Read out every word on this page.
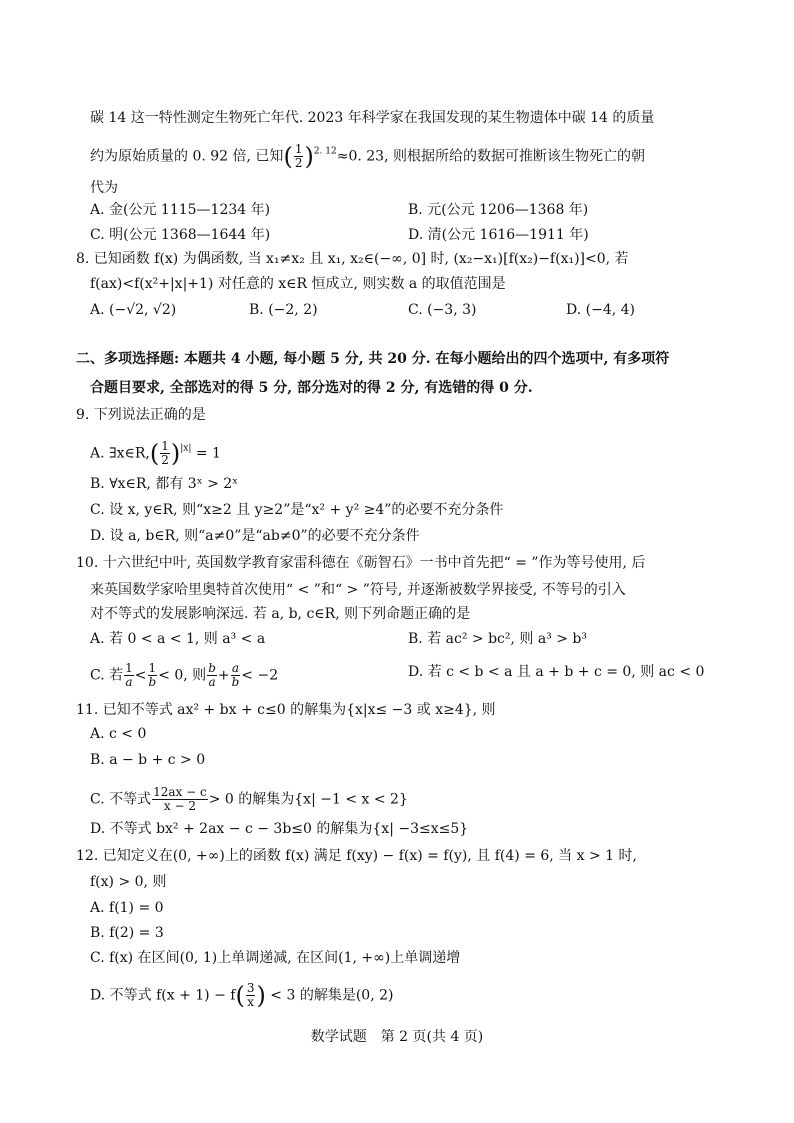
碳 14 这一特性测定生物死亡年代. 2023 年科学家在我国发现的某生物遗体中碳 14 的质量
约为原始质量的 0. 92 倍, 已知( $\frac{1}{2} )^{2. 12}\approx 0$. 23, 则根据所给的数据可推断该生物死亡的朝
代为
A. 金(公元 1115—1234 年)	B. 元(公元 1206—1368 年)
C. 明(公元 1368—1644 年)	D. 清(公元 1616—1911 年)
8. 已知函数 f(x) 为偶函数, 当 x₁≠x₂ 且 x₁, x₂∈(−∞, 0] 时, (x₂−x₁)[f(x₂)−f(x₁)]<0, 若
f(ax)<f(x²+|x|+1) 对任意的 x∈R 恒成立, 则实数 a 的取值范围是
A. (−√2, √2)	B. (−2, 2)	C. (−3, 3)	D. (−4, 4)
二、多项选择题: 本题共 4 小题, 每小题 5 分, 共 20 分. 在每小题给出的四个选项中, 有多项符
合题目要求, 全部选对的得 5 分, 部分选对的得 2 分, 有选错的得 0 分.
9. 下列说法正确的是
A. ∃x∈R,( $\frac{1}{2} )^{|x|} = 1$
B. ∀x∈R, 都有 3ˣ > 2ˣ
C. 设 x, y∈R, 则“x≥2 且 y≥2”是“x² + y² ≥4”的必要不充分条件
D. 设 a, b∈R, 则“a≠0”是“ab≠0”的必要不充分条件
10. 十六世纪中叶, 英国数学教育家雷科德在《砺智石》一书中首先把“ = ”作为等号使用, 后
来英国数学家哈里奥特首次使用“ < ”和“ > ”符号, 并逐渐被数学界接受, 不等号的引入
对不等式的发展影响深远. 若 a, b, c∈R, 则下列命题正确的是
A. 若 0 < a < 1, 则 a³ < a	B. 若 ac² > bc², 则 a³ > b³
C. 若 $\frac{1}{a} < \frac{1}{b} < 0$, 则 $\frac{b}{a} + \frac{a}{b} < -2$	D. 若 c < b < a 且 a + b + c = 0, 则 ac < 0
11. 已知不等式 ax² + bx + c≤0 的解集为{x|x≤ −3 或 x≥4}, 则
A. c < 0
B. a − b + c > 0
C. 不等式 $\frac{12ax - c}{x - 2} > 0$ 的解集为{x| −1 < x < 2}
D. 不等式 bx² + 2ax − c − 3b≤0 的解集为{x| −3≤x≤5}
12. 已知定义在(0, +∞)上的函数 f(x) 满足 f(xy) − f(x) = f(y), 且 f(4) = 6, 当 x > 1 时,
f(x) > 0, 则
A. f(1) = 0
B. f(2) = 3
C. f(x) 在区间(0, 1)上单调递减, 在区间(1, +∞)上单调递增
D. 不等式 $f(x + 1) - f( \frac{3}{x}$ ) < 3 的解集是(0, 2)
数学试题　第 2 页(共 4 页)
